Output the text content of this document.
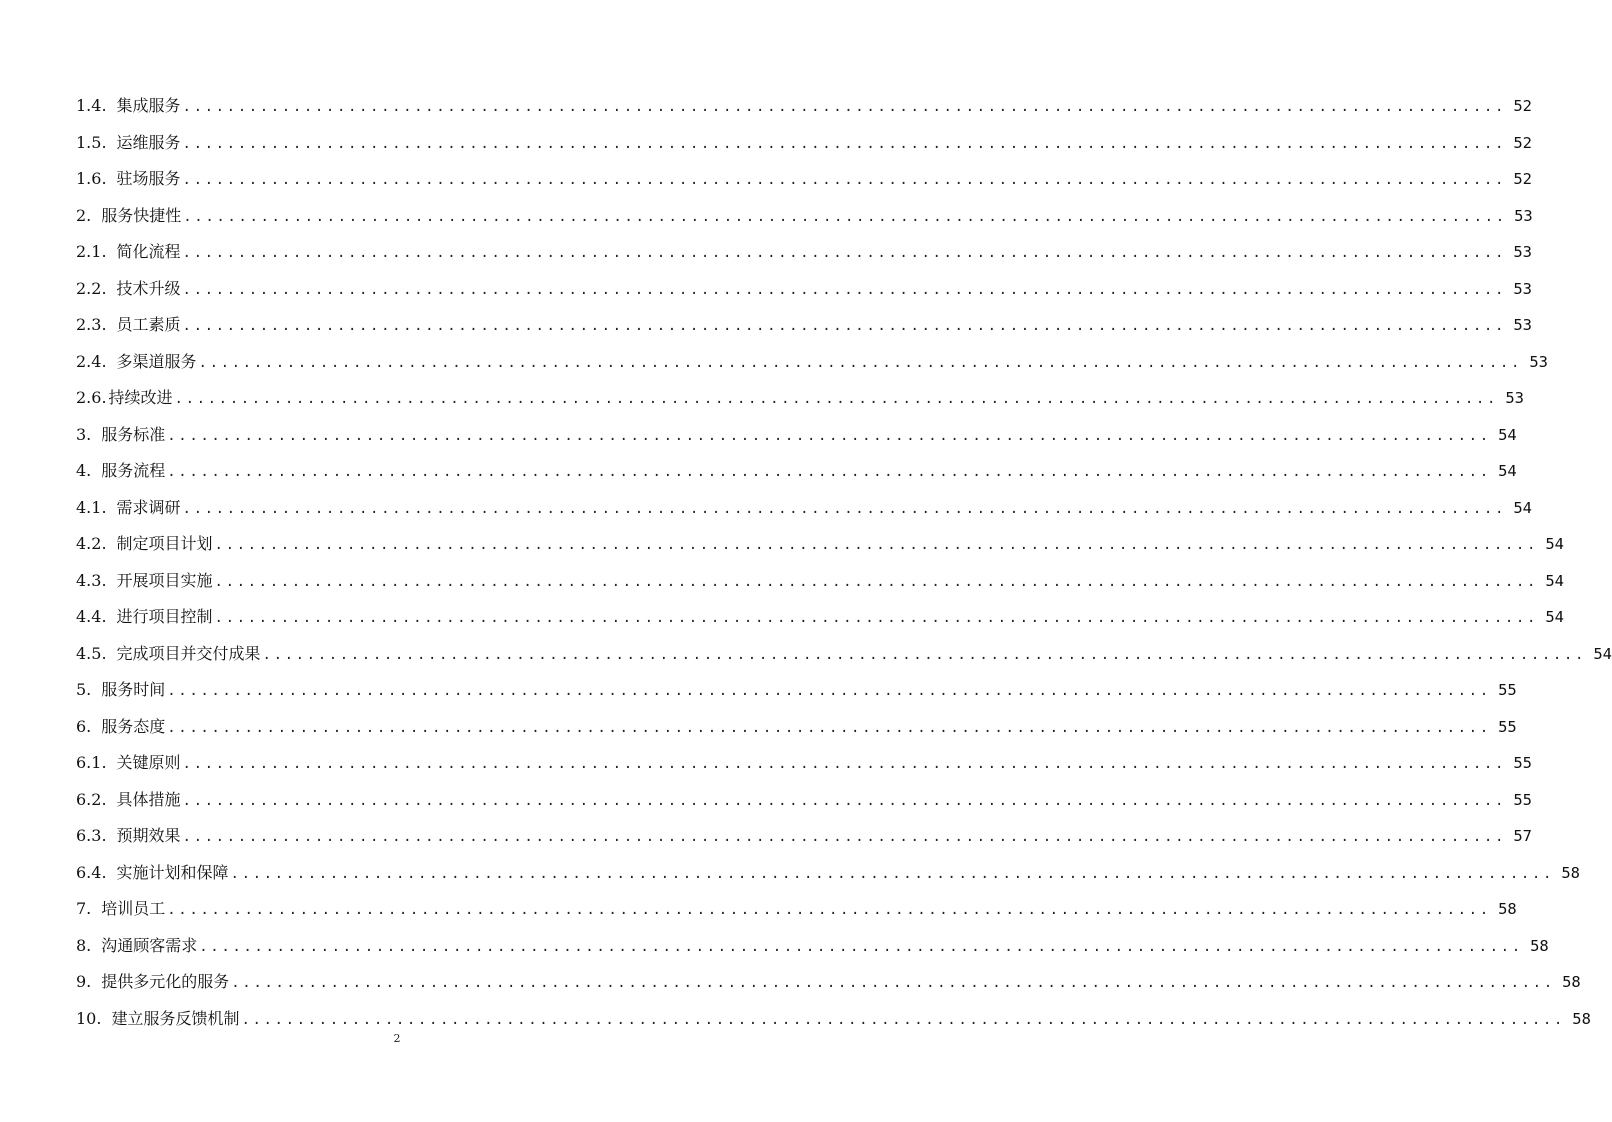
1.4. 集成服务 ........................................................................................................................ 52
1.5. 运维服务 ........................................................................................................................ 52
1.6. 驻场服务 ........................................................................................................................ 52
2. 服务快捷性 ........................................................................................................................ 53
2.1. 简化流程 ........................................................................................................................ 53
2.2. 技术升级 ........................................................................................................................ 53
2.3. 员工素质 ........................................................................................................................ 53
2.4. 多渠道服务 ........................................................................................................................ 53
2.6. 持续改进 ........................................................................................................................ 53
3. 服务标准 ........................................................................................................................ 54
4. 服务流程 ........................................................................................................................ 54
4.1. 需求调研 ........................................................................................................................ 54
4.2. 制定项目计划 ........................................................................................................................ 54
4.3. 开展项目实施 ........................................................................................................................ 54
4.4. 进行项目控制 ........................................................................................................................ 54
4.5. 完成项目并交付成果 ........................................................................................................................ 54
5. 服务时间 ........................................................................................................................ 55
6. 服务态度 ........................................................................................................................ 55
6.1. 关键原则 ........................................................................................................................ 55
6.2. 具体措施 ........................................................................................................................ 55
6.3. 预期效果 ........................................................................................................................ 57
6.4. 实施计划和保障 ........................................................................................................................ 58
7. 培训员工 ........................................................................................................................ 58
8. 沟通顾客需求 ........................................................................................................................ 58
9. 提供多元化的服务 ........................................................................................................................ 58
10. 建立服务反馈机制 ........................................................................................................................ 58
2
